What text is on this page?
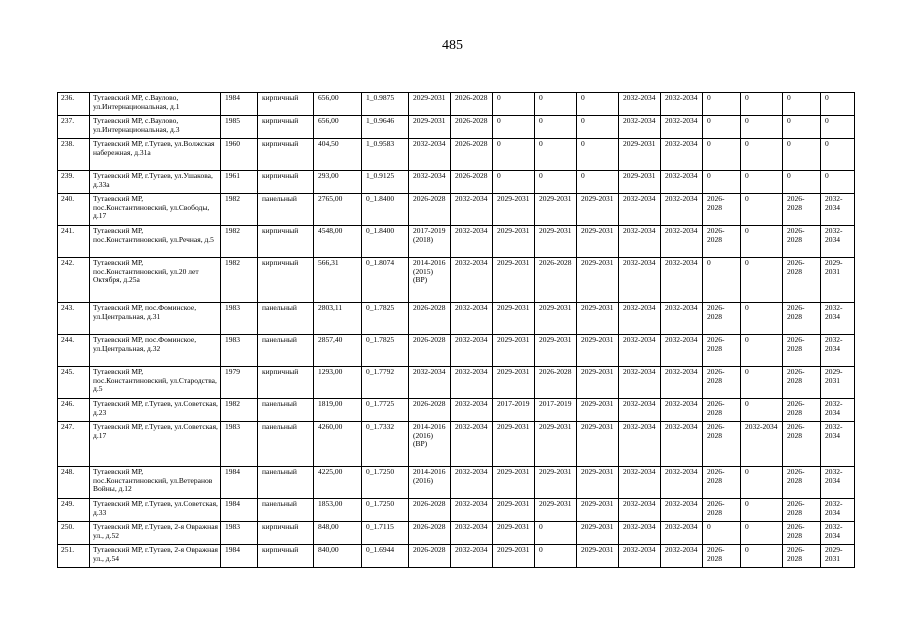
485
236.	Тутаевский МР, с.Ваулово, ул.Интернациональная, д.1	1984	кирпичный	656,00	1_0.9875	2029-2031	2026-2028	0	0	0	2032-2034	2032-2034	0	0	0	0
237.	Тутаевский МР, с.Ваулово, ул.Интернациональная, д.3	1985	кирпичный	656,00	1_0.9646	2029-2031	2026-2028	0	0	0	2032-2034	2032-2034	0	0	0	0
238.	Тутаевский МР, г.Тутаев, ул.Волжская набережная, д.31а	1960	кирпичный	404,50	1_0.9583	2032-2034	2026-2028	0	0	0	2029-2031	2032-2034	0	0	0	0
239.	Тутаевский МР, г.Тутаев, ул.Ушакова, д.33а	1961	кирпичный	293,00	1_0.9125	2032-2034	2026-2028	0	0	0	2029-2031	2032-2034	0	0	0	0
240.	Тутаевский МР, пос.Константиновский, ул.Свободы, д.17	1982	панельный	2765,00	0_1.8400	2026-2028	2032-2034	2029-2031	2029-2031	2029-2031	2032-2034	2032-2034	2026-2028	0	2026-2028	2032-2034
241.	Тутаевский МР, пос.Константиновский, ул.Речная, д.5	1982	кирпичный	4548,00	0_1.8400	2017-2019 (2018)	2032-2034	2029-2031	2029-2031	2029-2031	2032-2034	2032-2034	2026-2028	0	2026-2028	2032-2034
242.	Тутаевский МР, пос.Константиновский, ул.20 лет Октября, д.25а	1982	кирпичный	566,31	0_1.8074	2014-2016 (2015) (ВР)	2032-2034	2029-2031	2026-2028	2029-2031	2032-2034	2032-2034	0	0	2026-2028	2029-2031
243.	Тутаевский МР, пос.Фоминское, ул.Центральная, д.31	1983	панельный	2803,11	0_1.7825	2026-2028	2032-2034	2029-2031	2029-2031	2029-2031	2032-2034	2032-2034	2026-2028	0	2026-2028	2032-2034
244.	Тутаевский МР, пос.Фоминское, ул.Центральная, д.32	1983	панельный	2857,40	0_1.7825	2026-2028	2032-2034	2029-2031	2029-2031	2029-2031	2032-2034	2032-2034	2026-2028	0	2026-2028	2032-2034
245.	Тутаевский МР, пос.Константиновский, ул.Стародства, д.5	1979	кирпичный	1293,00	0_1.7792	2032-2034	2032-2034	2029-2031	2026-2028	2029-2031	2032-2034	2032-2034	2026-2028	0	2026-2028	2029-2031
246.	Тутаевский МР, г.Тутаев, ул.Советская, д.23	1982	панельный	1819,00	0_1.7725	2026-2028	2032-2034	2017-2019	2017-2019	2029-2031	2032-2034	2032-2034	2026-2028	0	2026-2028	2032-2034
247.	Тутаевский МР, г.Тутаев, ул.Советская, д.17	1983	панельный	4260,00	0_1.7332	2014-2016 (2016) (ВР)	2032-2034	2029-2031	2029-2031	2029-2031	2032-2034	2032-2034	2026-2028	2032-2034	2026-2028	2032-2034
248.	Тутаевский МР, пос.Константиновский, ул.Ветеранов Войны, д.12	1984	панельный	4225,00	0_1.7250	2014-2016 (2016)	2032-2034	2029-2031	2029-2031	2029-2031	2032-2034	2032-2034	2026-2028	0	2026-2028	2032-2034
249.	Тутаевский МР, г.Тутаев, ул.Советская, д.33	1984	панельный	1853,00	0_1.7250	2026-2028	2032-2034	2029-2031	2029-2031	2029-2031	2032-2034	2032-2034	2026-2028	0	2026-2028	2032-2034
250.	Тутаевский МР, г.Тутаев, 2-я Овражная ул., д.52	1983	кирпичный	848,00	0_1.7115	2026-2028	2032-2034	2029-2031	0	2029-2031	2032-2034	2032-2034	0	0	2026-2028	2032-2034
251.	Тутаевский МР, г.Тутаев, 2-я Овражная ул., д.54	1984	кирпичный	840,00	0_1.6944	2026-2028	2032-2034	2029-2031	0	2029-2031	2032-2034	2032-2034	2026-2028	0	2026-2028	2029-2031
